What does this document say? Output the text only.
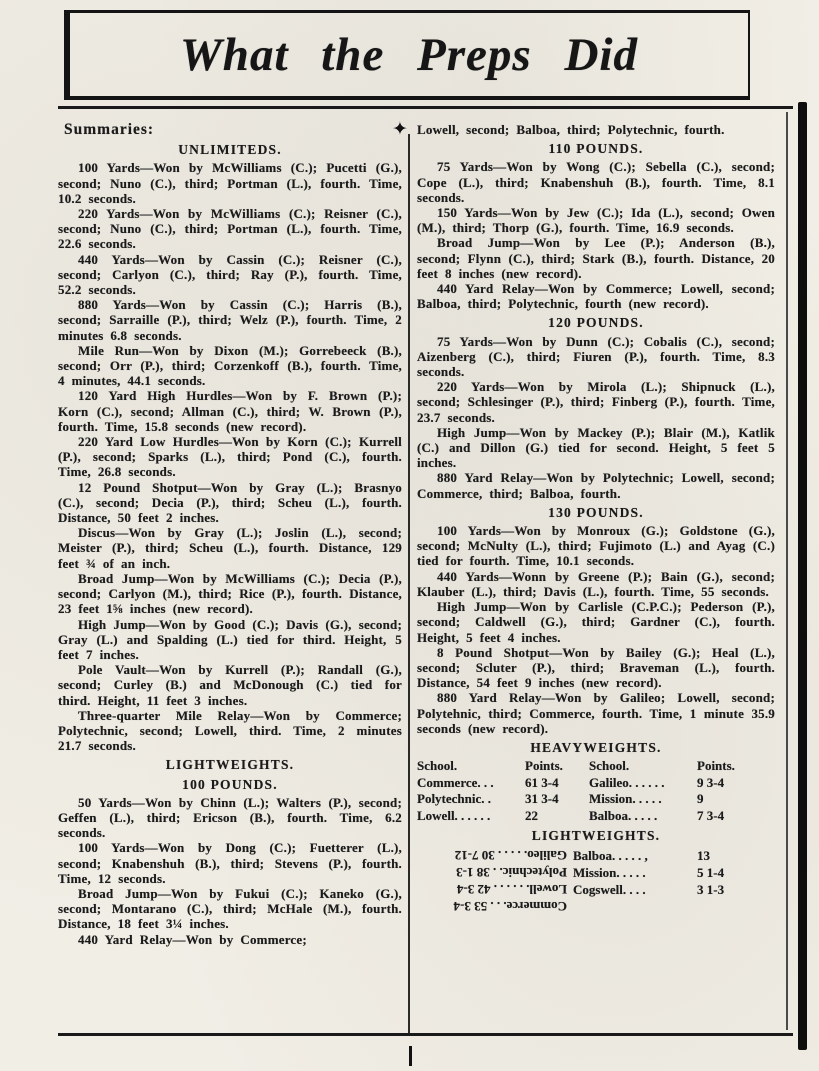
What the Preps Did
✦
Summaries:
UNLIMITEDS.

100 Yards—Won by McWilliams (C.); Pucetti (G.), second; Nuno (C.), third; Portman (L.), fourth. Time, 10.2 seconds.

220 Yards—Won by McWilliams (C.); Reisner (C.), second; Nuno (C.), third; Portman (L.), fourth. Time, 22.6 seconds.

440 Yards—Won by Cassin (C.); Reisner (C.), second; Carlyon (C.), third; Ray (P.), fourth. Time, 52.2 seconds.

880 Yards—Won by Cassin (C.); Harris (B.), second; Sarraille (P.), third; Welz (P.), fourth. Time, 2 minutes 6.8 seconds.

Mile Run—Won by Dixon (M.); Gorrebeeck (B.), second; Orr (P.), third; Corzenkoff (B.), fourth. Time, 4 minutes, 44.1 seconds.

120 Yard High Hurdles—Won by F. Brown (P.); Korn (C.), second; Allman (C.), third; W. Brown (P.), fourth. Time, 15.8 seconds (new record).

220 Yard Low Hurdles—Won by Korn (C.); Kurrell (P.), second; Sparks (L.), third; Pond (C.), fourth. Time, 26.8 seconds.

12 Pound Shotput—Won by Gray (L.); Brasnyo (C.), second; Decia (P.), third; Scheu (L.), fourth. Distance, 50 feet 2 inches.

Discus—Won by Gray (L.); Joslin (L.), second; Meister (P.), third; Scheu (L.), fourth. Distance, 129 feet ¾ of an inch.

Broad Jump—Won by McWilliams (C.); Decia (P.), second; Carlyon (M.), third; Rice (P.), fourth. Distance, 23 feet 1⅝ inches (new record).

High Jump—Won by Good (C.); Davis (G.), second; Gray (L.) and Spalding (L.) tied for third. Height, 5 feet 7 inches.

Pole Vault—Won by Kurrell (P.); Randall (G.), second; Curley (B.) and McDonough (C.) tied for third. Height, 11 feet 3 inches.

Three-quarter Mile Relay—Won by Commerce; Polytechnic, second; Lowell, third. Time, 2 minutes 21.7 seconds.

LIGHTWEIGHTS.
100 POUNDS.

50 Yards—Won by Chinn (L.); Walters (P.), second; Geffen (L.), third; Ericson (B.), fourth. Time, 6.2 seconds.

100 Yards—Won by Dong (C.); Fuetterer (L.), second; Knabenshuh (B.), third; Stevens (P.), fourth. Time, 12 seconds.

Broad Jump—Won by Fukui (C.); Kaneko (G.), second; Montarano (C.), third; McHale (M.), fourth. Distance, 18 feet 3¼ inches.

440 Yard Relay—Won by Commerce;

Lowell, second; Balboa, third; Polytechnic, fourth.

110 POUNDS.

75 Yards—Won by Wong (C.); Sebella (C.), second; Cope (L.), third; Knabenshuh (B.), fourth. Time, 8.1 seconds.

150 Yards—Won by Jew (C.); Ida (L.), second; Owen (M.), third; Thorp (G.), fourth. Time, 16.9 seconds.

Broad Jump—Won by Lee (P.); Anderson (B.), second; Flynn (C.), third; Stark (B.), fourth. Distance, 20 feet 8 inches (new record).

440 Yard Relay—Won by Commerce; Lowell, second; Balboa, third; Polytechnic, fourth (new record).

120 POUNDS.

75 Yards—Won by Dunn (C.); Cobalis (C.), second; Aizenberg (C.), third; Fiuren (P.), fourth. Time, 8.3 seconds.

220 Yards—Won by Mirola (L.); Shipnuck (L.), second; Schlesinger (P.), third; Finberg (P.), fourth. Time, 23.7 seconds.

High Jump—Won by Mackey (P.); Blair (M.), Katlik (C.) and Dillon (G.) tied for second. Height, 5 feet 5 inches.

880 Yard Relay—Won by Polytechnic; Lowell, second; Commerce, third; Balboa, fourth.

130 POUNDS.

100 Yards—Won by Monroux (G.); Goldstone (G.), second; McNulty (L.), third; Fujimoto (L.) and Ayag (C.) tied for fourth. Time, 10.1 seconds.

440 Yards—Wonn by Greene (P.); Bain (G.), second; Klauber (L.), third; Davis (L.), fourth. Time, 55 seconds.

High Jump—Won by Carlisle (C.P.C.); Pederson (P.), second; Caldwell (G.), third; Gardner (C.), fourth. Height, 5 feet 4 inches.

8 Pound Shotput—Won by Bailey (G.); Heal (L.), second; Scluter (P.), third; Braveman (L.), fourth. Distance, 54 feet 9 inches (new record).

880 Yard Relay—Won by Galileo; Lowell, second; Polytehnic, third; Commerce, fourth. Time, 1 minute 35.9 seconds (new record).

HEAVYWEIGHTS.
School.	Points.	School.	Points.
Commerce. . .	61 3-4	Galileo. . . . . .	9 3-4
Polytechnic. .	31 3-4	Mission. . . . .	9
Lowell. . . . . .	22	Balboa. . . . .	7 3-4
LIGHTWEIGHTS.
Galileo. . . . . 30 7-12 Balboa. . . . . ,	13
Polytechnic. . 38 1-3 Mission. . . . .	5 1-4
Lowell. . . . . . 42 3-4 Cogswell. . . .	3 1-3
Commerce. . . 53 3-4
